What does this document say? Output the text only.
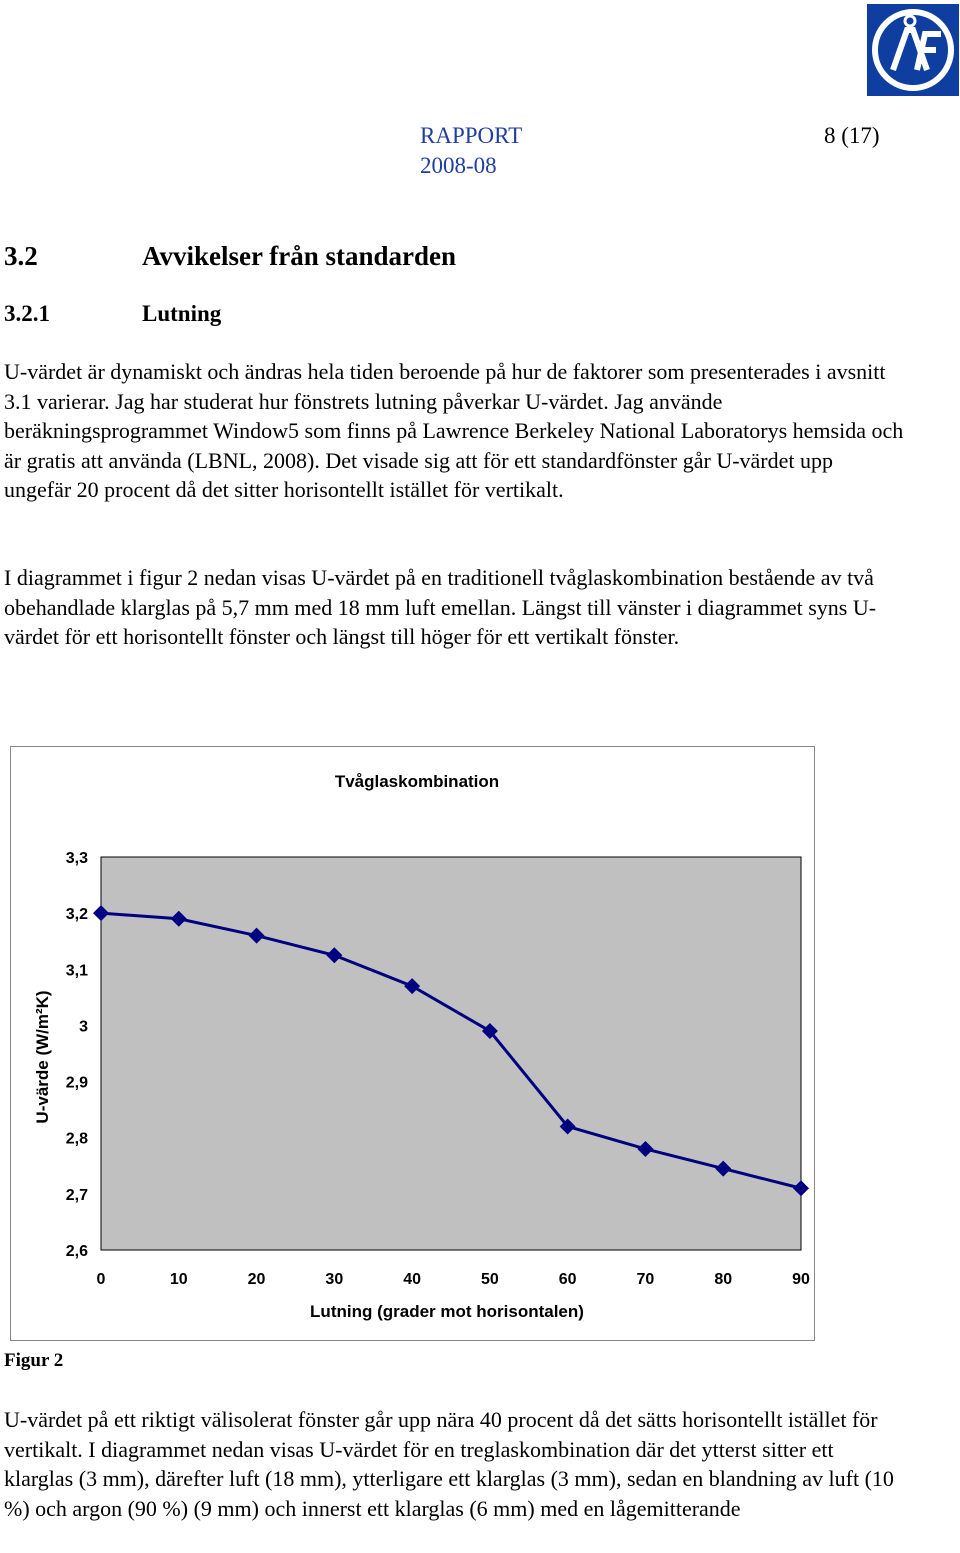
RAPPORT
2008-08
8 (17)
3.2	Avvikelser från standarden
3.2.1	Lutning
U-värdet är dynamiskt och ändras hela tiden beroende på hur de faktorer som presenterades i avsnitt 3.1 varierar. Jag har studerat hur fönstrets lutning påverkar U-värdet. Jag använde beräkningsprogrammet Window5 som finns på Lawrence Berkeley National Laboratorys hemsida och är gratis att använda (LBNL, 2008). Det visade sig att för ett standardfönster går U-värdet upp ungefär 20 procent då det sitter horisontellt istället för vertikalt.
I diagrammet i figur 2 nedan visas U-värdet på en traditionell tvåglaskombination bestående av två obehandlade klarglas på 5,7 mm med 18 mm luft emellan. Längst till vänster i diagrammet syns U-värdet för ett horisontellt fönster och längst till höger för ett vertikalt fönster.
Tvåglaskombination
3,3
3,2
3,1
3
2,9
2,8
2,7
2,6
0	10	20	30	40	50	60	70	80	90
Lutning (grader mot horisontalen)
U-värde (W/m²K)
Figur 2
U-värdet på ett riktigt välisolerat fönster går upp nära 40 procent då det sätts horisontellt istället för vertikalt. I diagrammet nedan visas U-värdet för en treglaskombination där det ytterst sitter ett klarglas (3 mm), därefter luft (18 mm), ytterligare ett klarglas (3 mm), sedan en blandning av luft (10 %) och argon (90 %) (9 mm) och innerst ett klarglas (6 mm) med en lågemitterande
